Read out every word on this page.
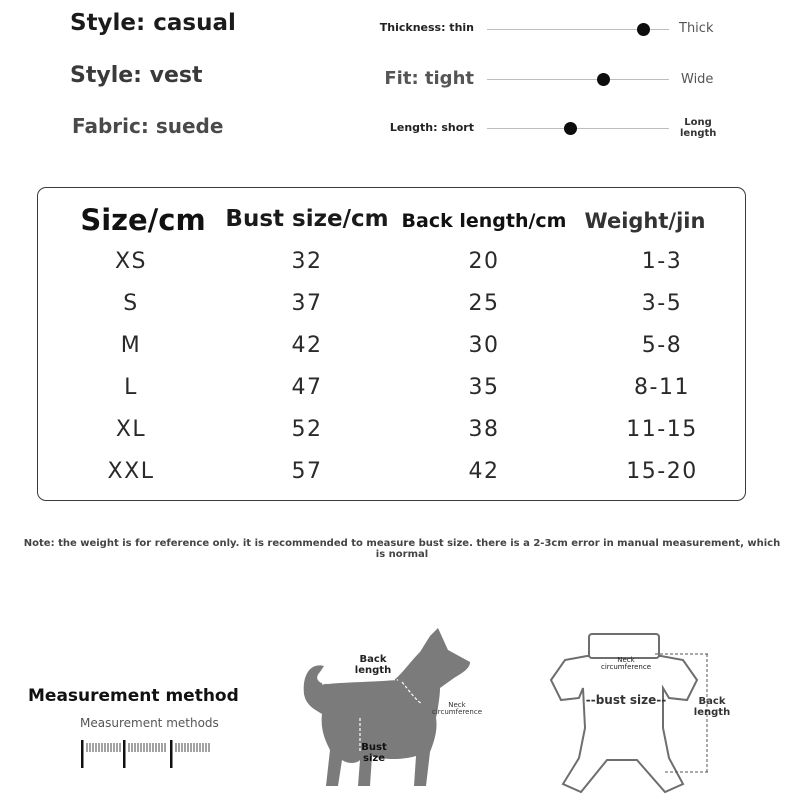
Style: casual
Style: vest
Fabric: suede
Thickness: thin	Thick
Fit: tight	Wide
Length: short	Long
length
Size/cm Bust size/cm Back length/cm Weight/jin
XS	32	20	1-3
S	37	25	3-5
M	42	30	5-8
L	47	35	8-11
XL	52	38	11-15
XXL	57	42	15-20
Note: the weight is for reference only. it is recommended to measure bust size. there is a 2-3cm error in manual measurement, which is normal
Measurement method
Measurement methods
Back
length
Neck
circumference
Bust
size
Neck
circumference
--bust size--	Back
length
